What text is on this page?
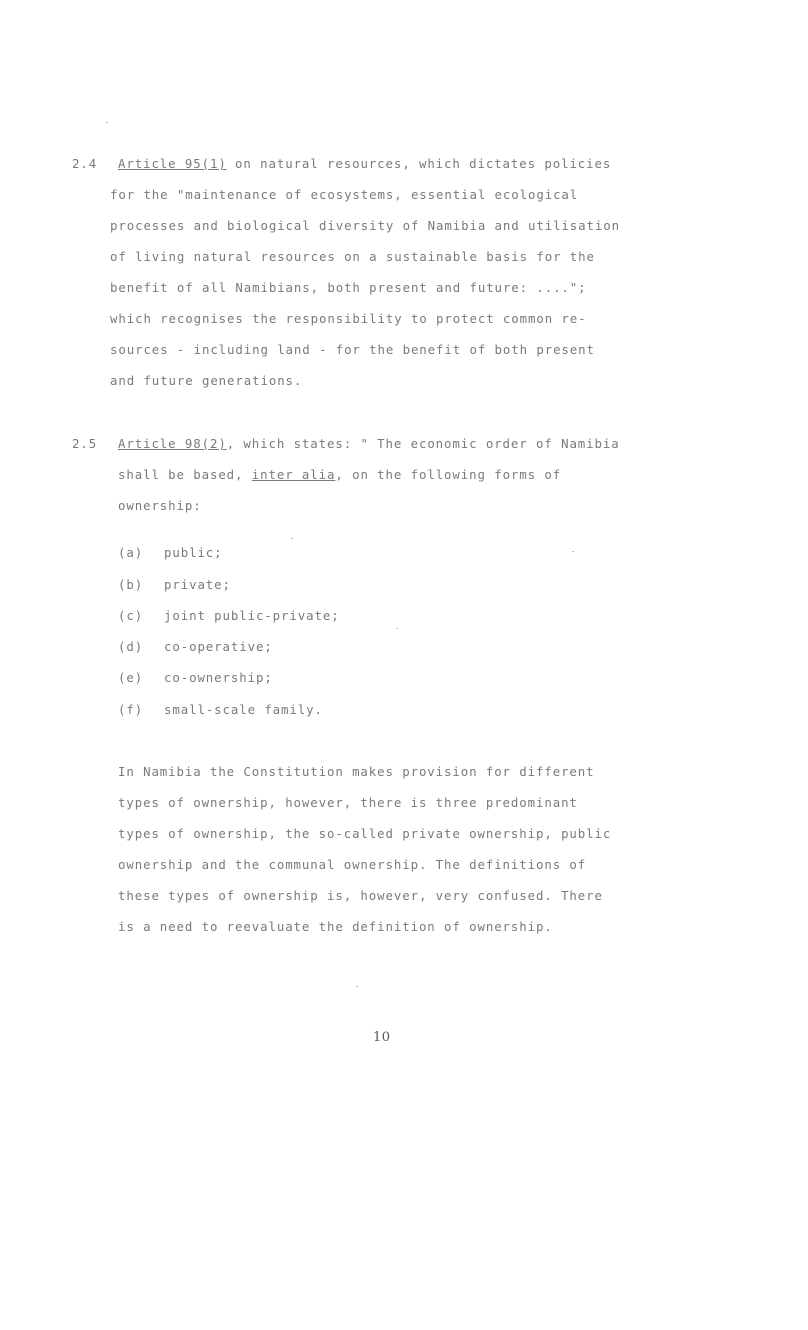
2.4 Article 95(1) on natural resources, which dictates policies
for the "maintenance of ecosystems, essential ecological
processes and biological diversity of Namibia and utilisation
of living natural resources on a sustainable basis for the
benefit of all Namibians, both present and future: ....";
which recognises the responsibility to protect common re-
sources - including land - for the benefit of both present
and future generations.
2.5 Article 98(2), which states: " The economic order of Namibia
shall be based, inter alia, on the following forms of
ownership:
(a) public;
(b) private;
(c) joint public-private;
(d) co-operative;
(e) co-ownership;
(f) small-scale family.
In Namibia the Constitution makes provision for different
types of ownership, however, there is three predominant
types of ownership, the so-called private ownership, public
ownership and the communal ownership. The definitions of
these types of ownership is, however, very confused. There
is a need to reevaluate the definition of ownership.
10
